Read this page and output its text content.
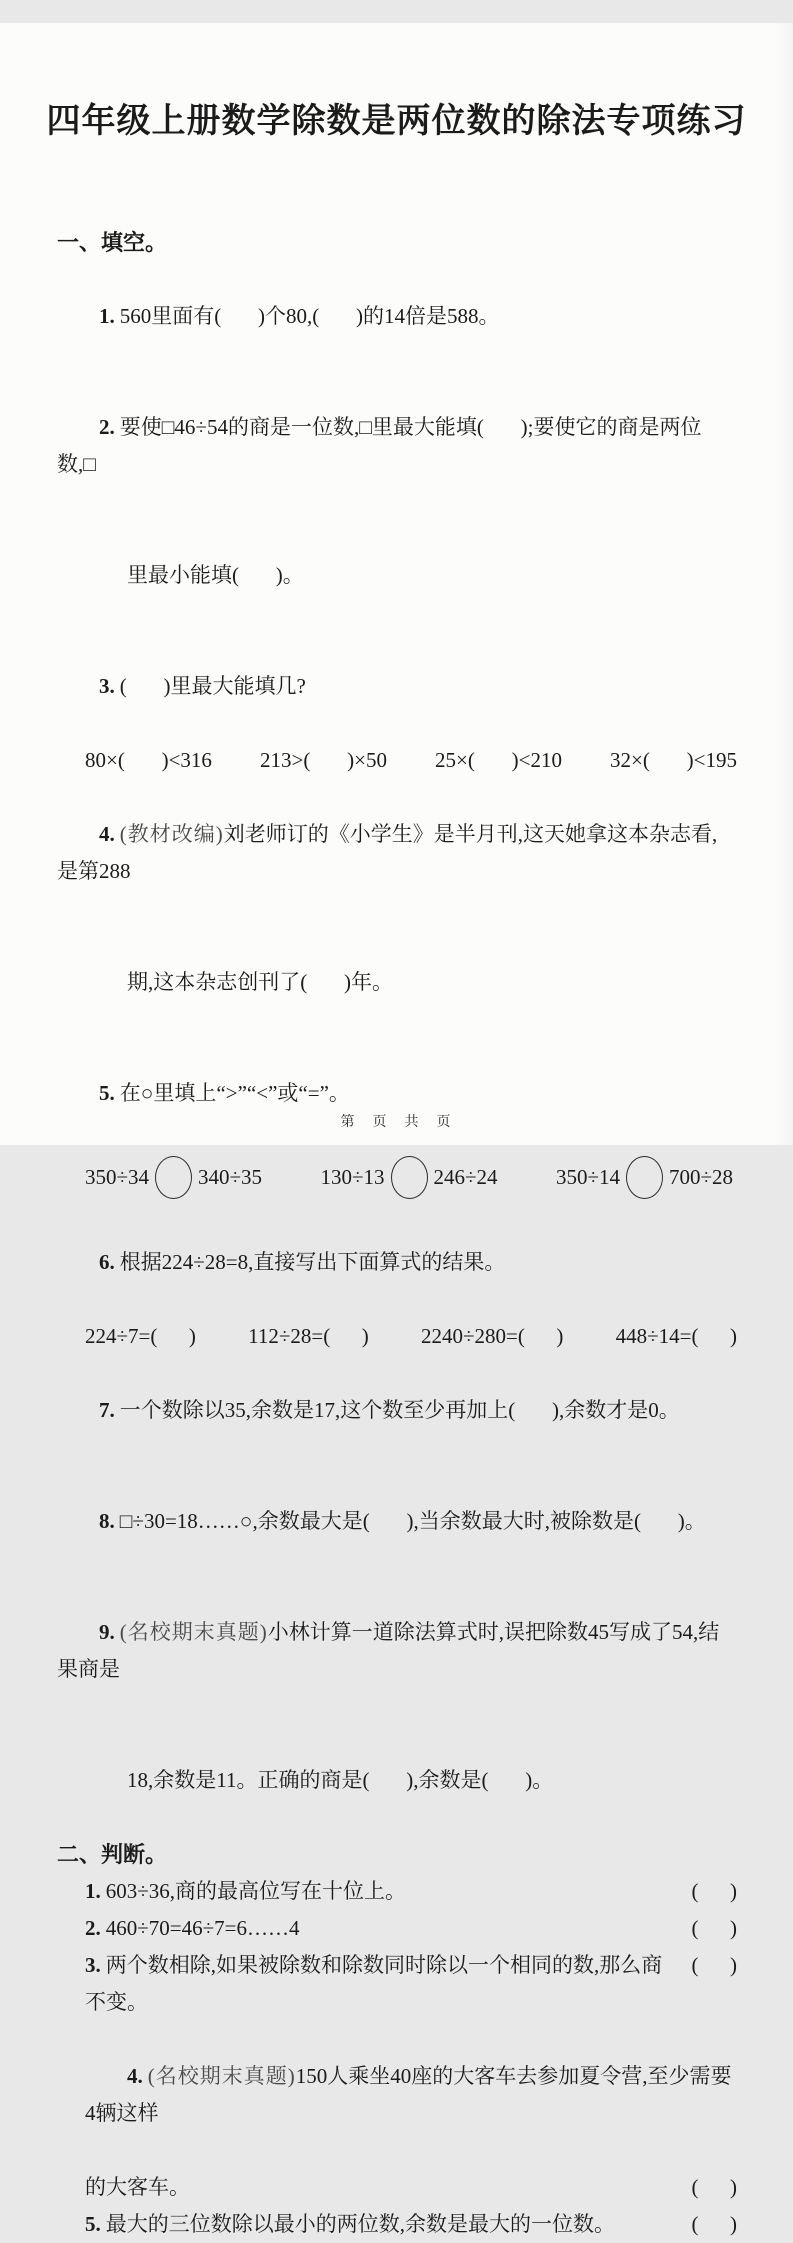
四年级上册数学除数是两位数的除法专项练习
一、填空。

1. 560里面有(       )个80,(       )的14倍是588。

2. 要使□46÷54的商是一位数,□里最大能填(       );要使它的商是两位数,□

里最小能填(       )。

3. (       )里最大能填几?

80×(       )<316 213>(       )×50 25×(       )<210 32×(       )<195

4. (教材改编)刘老师订的《小学生》是半月刊,这天她拿这本杂志看,是第288

期,这本杂志创刊了(       )年。

5. 在○里填上“>”“<”或“=”。

350÷34 340÷35	130÷13 246÷24	350÷14 700÷28

6. 根据224÷28=8,直接写出下面算式的结果。

224÷7=(      ) 112÷28=(      ) 2240÷280=(      ) 448÷14=(      )

7. 一个数除以35,余数是17,这个数至少再加上(       ),余数才是0。

8. □÷30=18……○,余数最大是(       ),当余数最大时,被除数是(       )。

9. (名校期末真题)小林计算一道除法算式时,误把除数45写成了54,结果商是

18,余数是11。正确的商是(       ),余数是(       )。

二、判断。
1. 603÷36,商的最高位写在十位上。	(      )
2. 460÷70=46÷7=6……4	(      )
3. 两个数相除,如果被除数和除数同时除以一个相同的数,那么商不变。
(      )

4. (名校期末真题)150人乘坐40座的大客车去参加夏令营,至少需要4辆这样

的大客车。	(      )
5. 最大的三位数除以最小的两位数,余数是最大的一位数。	(      )
第　页　共　页
